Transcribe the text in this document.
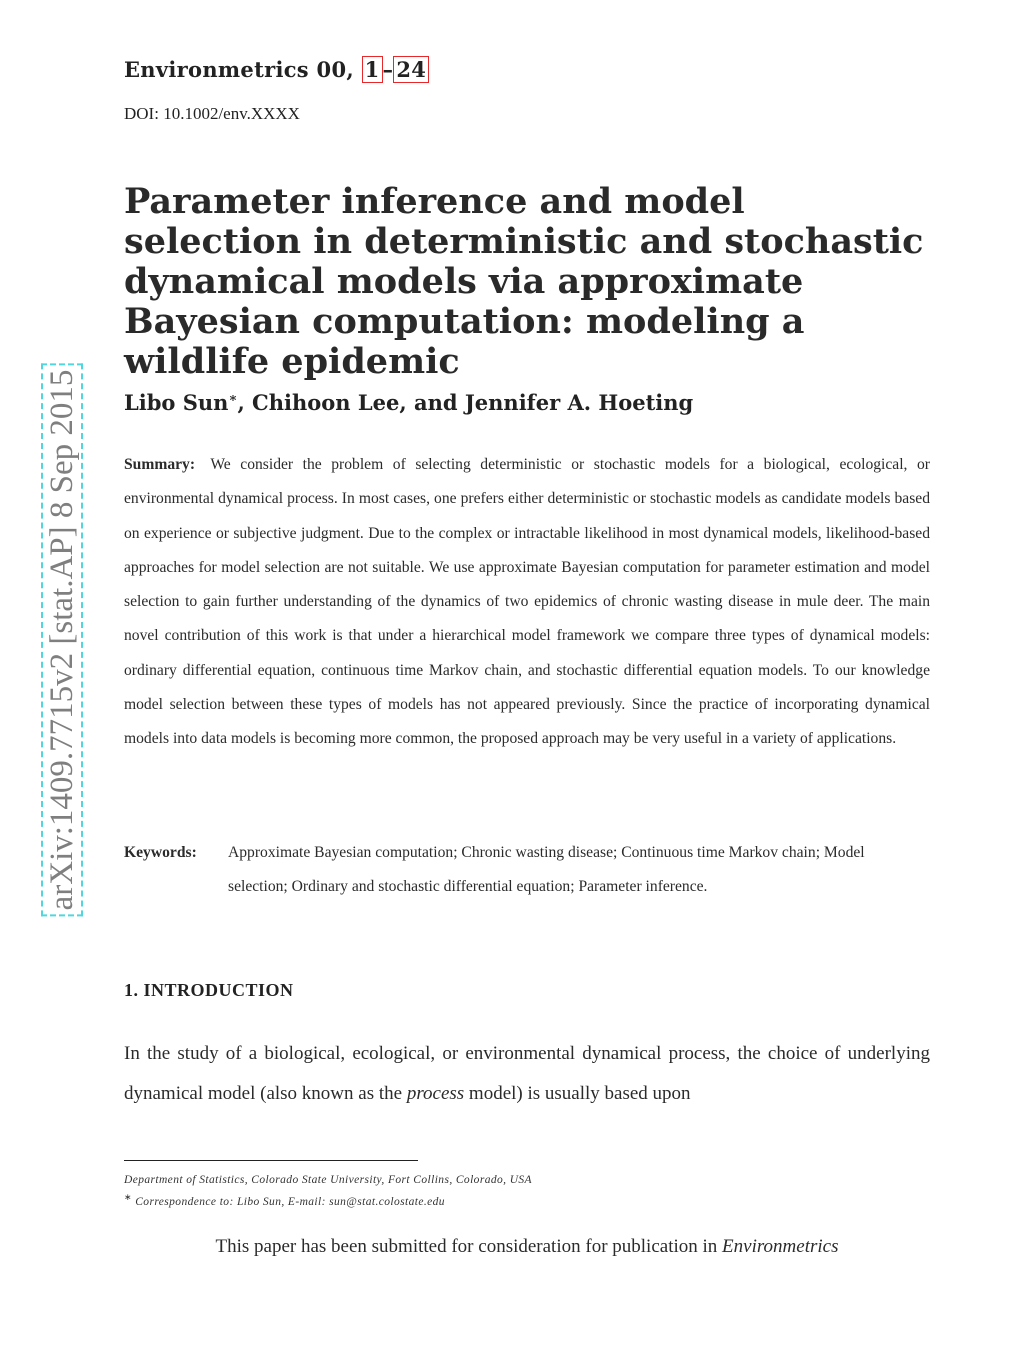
Environmetrics 00, 1 – 24
DOI: 10.1002/env.XXXX
Parameter inference and model selection in deterministic and stochastic dynamical models via approximate Bayesian computation: modeling a wildlife epidemic
Libo Sun∗, Chihoon Lee, and Jennifer A. Hoeting
Summary: We consider the problem of selecting deterministic or stochastic models for a biological, ecological, or environmental dynamical process. In most cases, one prefers either deterministic or stochastic models as candidate models based on experience or subjective judgment. Due to the complex or intractable likelihood in most dynamical models, likelihood-based approaches for model selection are not suitable. We use approximate Bayesian computation for parameter estimation and model selection to gain further understanding of the dynamics of two epidemics of chronic wasting disease in mule deer. The main novel contribution of this work is that under a hierarchical model framework we compare three types of dynamical models: ordinary differential equation, continuous time Markov chain, and stochastic differential equation models. To our knowledge model selection between these types of models has not appeared previously. Since the practice of incorporating dynamical models into data models is becoming more common, the proposed approach may be very useful in a variety of applications.
Keywords:	Approximate Bayesian computation; Chronic wasting disease; Continuous time Markov chain; Model selection; Ordinary and stochastic differential equation; Parameter inference.
1. INTRODUCTION
In the study of a biological, ecological, or environmental dynamical process, the choice of underlying dynamical model (also known as the process model) is usually based upon
Department of Statistics, Colorado State University, Fort Collins, Colorado, USA
∗ Correspondence to: Libo Sun, E-mail: sun@stat.colostate.edu
This paper has been submitted for consideration for publication in Environmetrics
arXiv:1409.7715v2 [stat.AP] 8 Sep 2015
